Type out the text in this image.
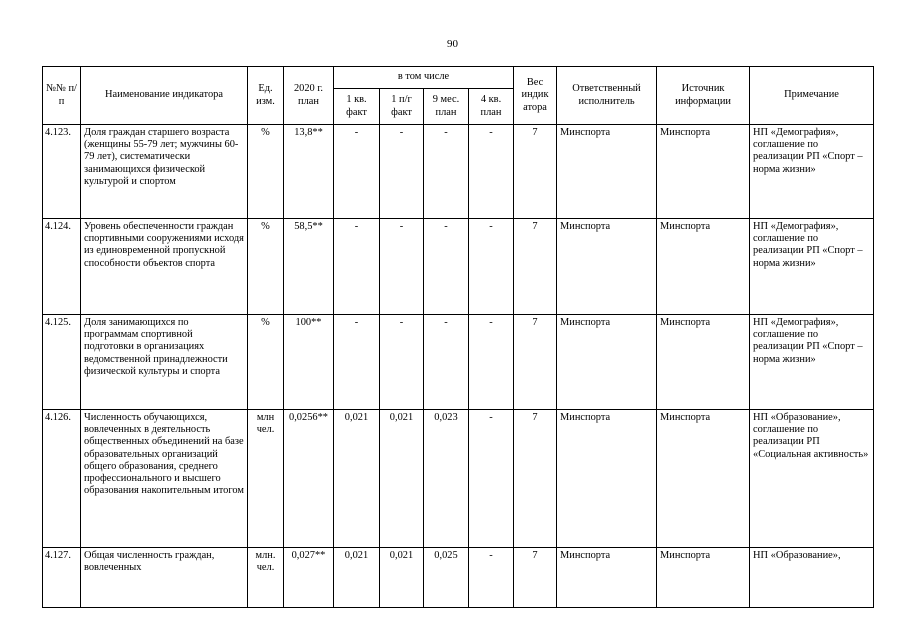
90
№№ п/п	Наименование индикатора	Ед. изм.	2020 г. план	в том числе				Вес индик атора	Ответственный исполнитель	Источник информации	Примечание
				1 кв. факт	1 п/г факт	9 мес. план	4 кв. план				
4.123.	Доля граждан старшего возраста (женщины 55-79 лет; мужчины 60-79 лет), систематически занимающихся физической культурой и спортом	%	13,8**	-	-	-	-	7	Минспорта	Минспорта	НП «Демография», соглашение по реализации РП «Спорт – норма жизни»
4.124.	Уровень обеспеченности граждан спортивными сооружениями исходя из единовременной пропускной способности объектов спорта	%	58,5**	-	-	-	-	7	Минспорта	Минспорта	НП «Демография», соглашение по реализации РП «Спорт – норма жизни»
4.125.	Доля занимающихся по программам спортивной подготовки в организациях ведомственной принадлежности физической культуры и спорта	%	100**	-	-	-	-	7	Минспорта	Минспорта	НП «Демография», соглашение по реализации РП «Спорт – норма жизни»
4.126.	Численность обучающихся, вовлеченных в деятельность общественных объединений на базе образовательных организаций общего образования, среднего профессионального и высшего образования накопительным итогом	млн чел.	0,0256**	0,021	0,021	0,023	-	7	Минспорта	Минспорта	НП «Образование», соглашение по реализации РП «Социальная активность»
4.127.	Общая численность граждан, вовлеченных	млн. чел.	0,027**	0,021	0,021	0,025	-	7	Минспорта	Минспорта	НП «Образование»,
